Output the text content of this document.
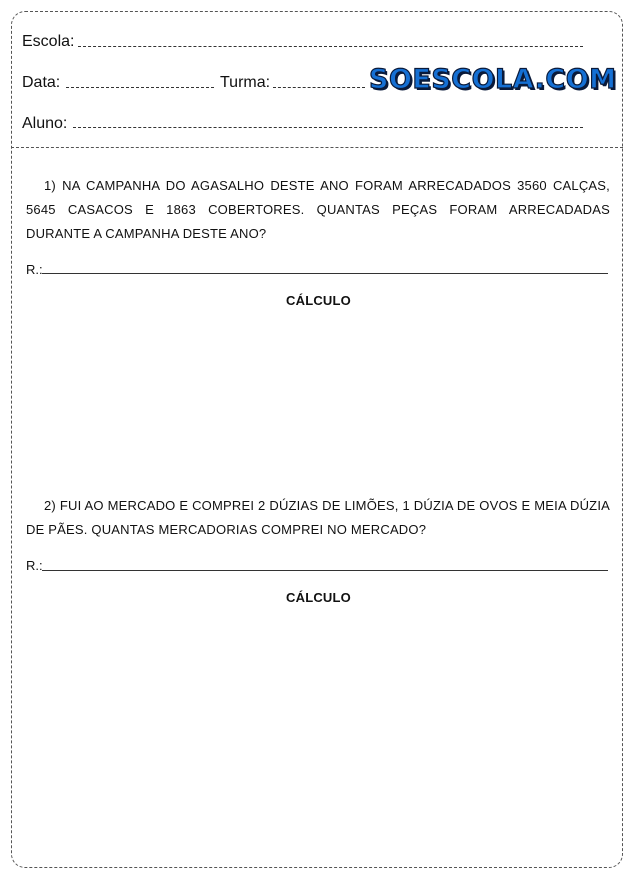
Escola:
Data:	Turma:	SOESCOLA.COM
Aluno:
1) NA CAMPANHA DO AGASALHO DESTE ANO FORAM ARRECADADOS 3560 CALÇAS, 5645 CASACOS E 1863 COBERTORES. QUANTAS PEÇAS FORAM ARRECADADAS DURANTE A CAMPANHA DESTE ANO?
R.:
CÁLCULO
2) FUI AO MERCADO E COMPREI 2 DÚZIAS DE LIMÕES, 1 DÚZIA DE OVOS E MEIA DÚZIA DE PÃES. QUANTAS MERCADORIAS COMPREI NO MERCADO?
R.:
CÁLCULO
